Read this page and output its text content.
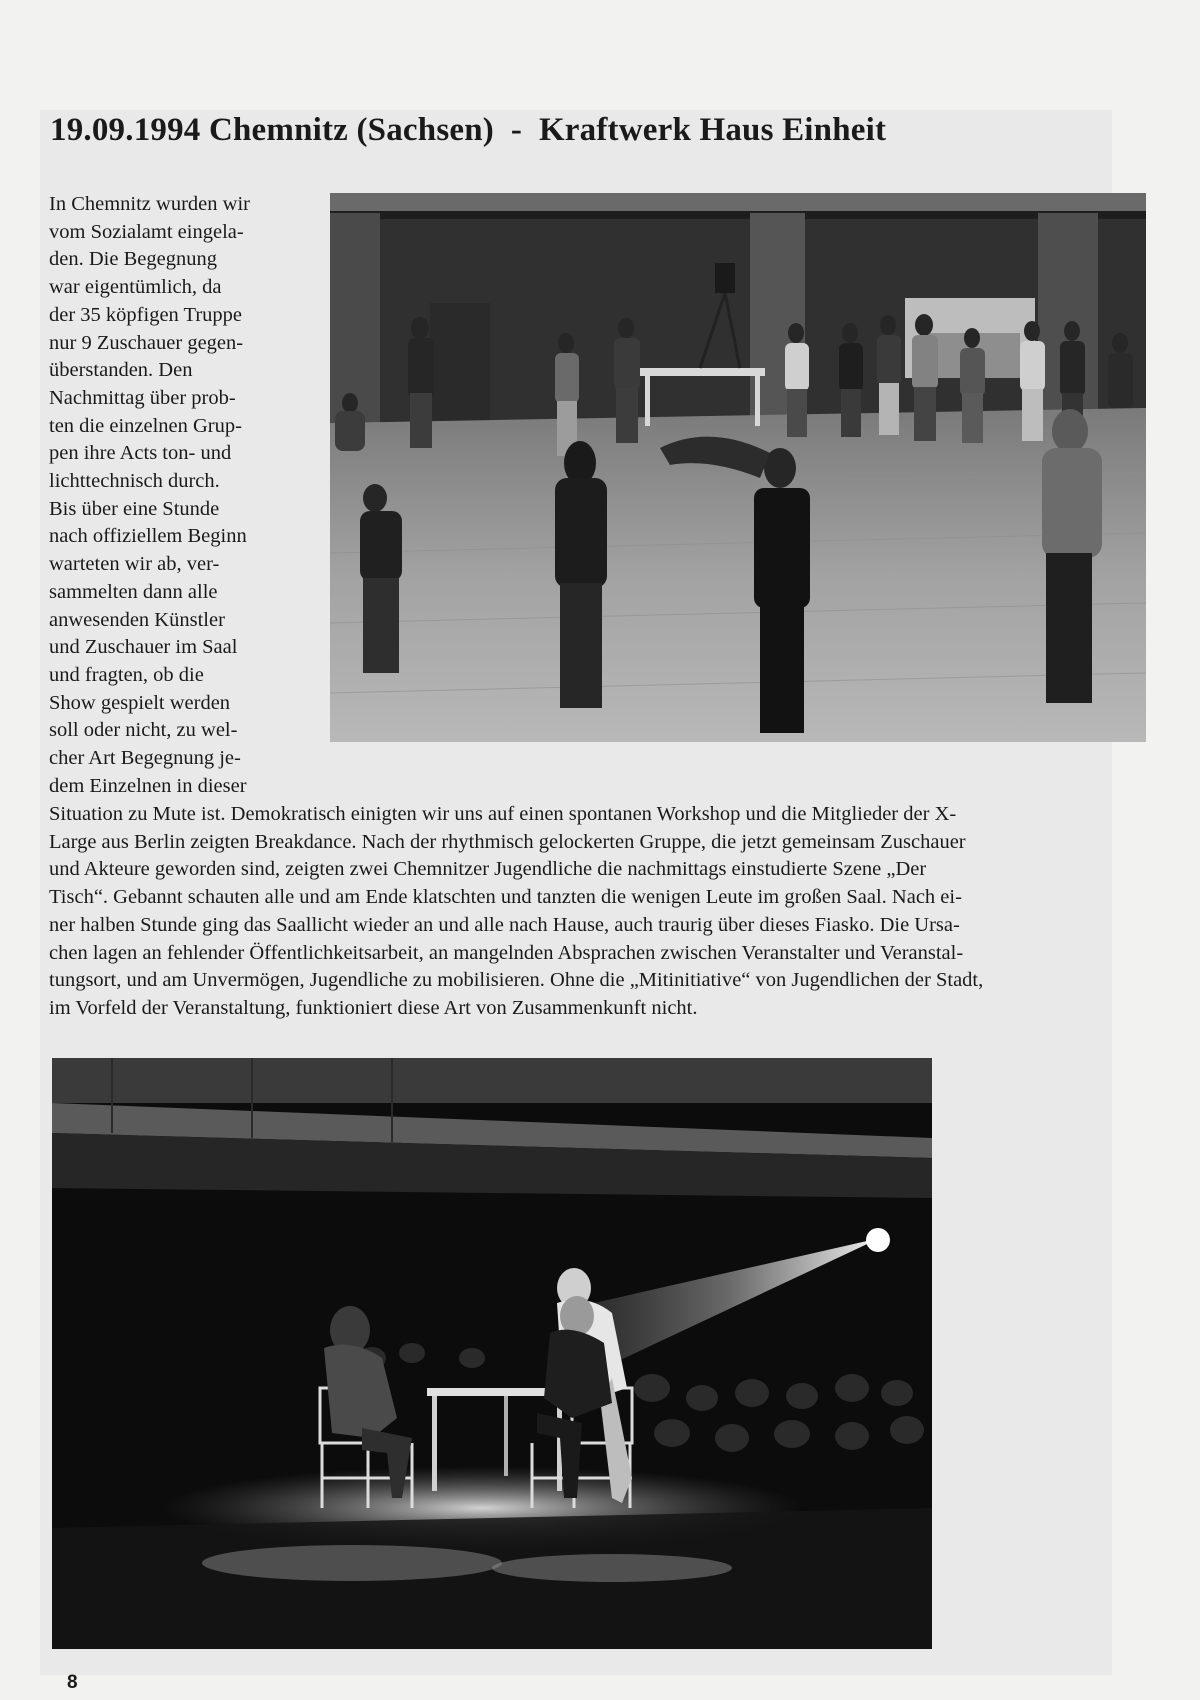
19.09.1994 Chemnitz (Sachsen)  -  Kraftwerk Haus Einheit
In Chemnitz wurden wir
vom Sozialamt eingela-
den. Die Begegnung
war eigentümlich, da
der 35 köpfigen Truppe
nur 9 Zuschauer gegen-
überstanden. Den
Nachmittag über prob-
ten die einzelnen Grup-
pen ihre Acts ton- und
lichttechnisch durch.
Bis über eine Stunde
nach offiziellem Beginn
warteten wir ab, ver-
sammelten dann alle
anwesenden Künstler
und Zuschauer im Saal
und fragten, ob die
Show gespielt werden
soll oder nicht, zu wel-
cher Art Begegnung je-
dem Einzelnen in dieser
Situation zu Mute ist. Demokratisch einigten wir uns auf einen spontanen Workshop und die Mitglieder der X-
Large aus Berlin zeigten Breakdance. Nach der rhythmisch gelockerten Gruppe, die jetzt gemeinsam Zuschauer
und Akteure geworden sind, zeigten zwei Chemnitzer Jugendliche die nachmittags einstudierte Szene „Der
Tisch“. Gebannt schauten alle und am Ende klatschten und tanzten die wenigen Leute im großen Saal. Nach ei-
ner halben Stunde ging das Saallicht wieder an und alle nach Hause, auch traurig über dieses Fiasko. Die Ursa-
chen lagen an fehlender Öffentlichkeitsarbeit, an mangelnden Absprachen zwischen Veranstalter und Veranstal-
tungsort, und am Unvermögen, Jugendliche zu mobilisieren. Ohne die „Mitinitiative“ von Jugendlichen der Stadt,
im Vorfeld der Veranstaltung, funktioniert diese Art von Zusammenkunft nicht.
8
